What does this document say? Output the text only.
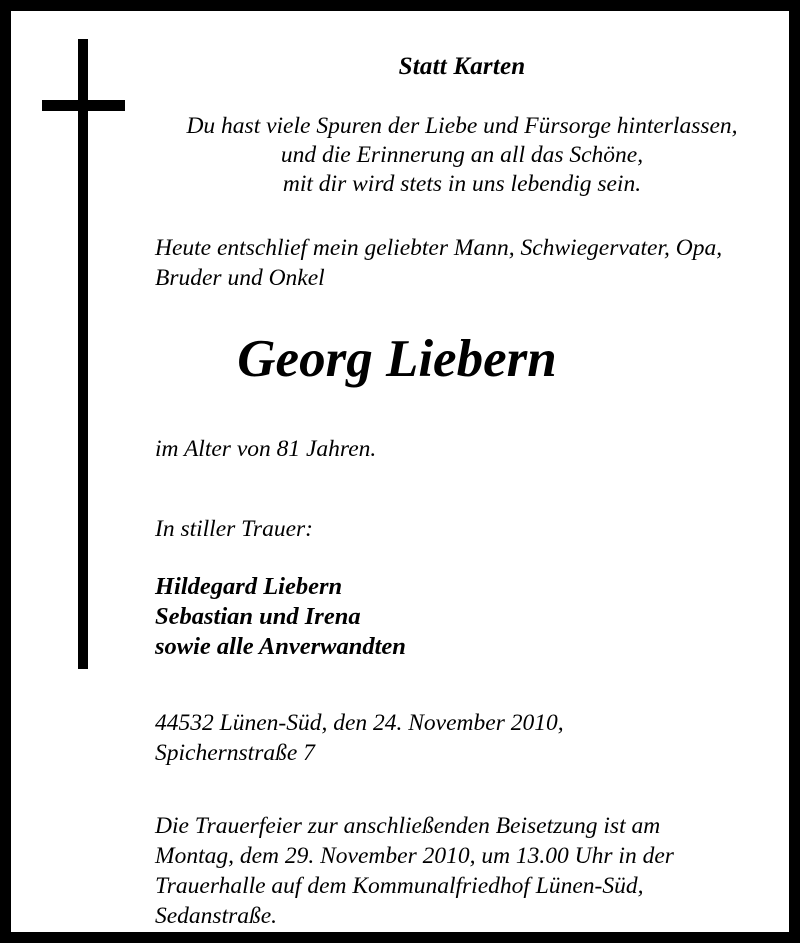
Statt Karten
Du hast viele Spuren der Liebe und Fürsorge hinterlassen,
und die Erinnerung an all das Schöne,
mit dir wird stets in uns lebendig sein.
Heute entschlief mein geliebter Mann, Schwiegervater, Opa,
Bruder und Onkel
Georg Liebern
im Alter von 81 Jahren.
In stiller Trauer:
Hildegard Liebern
Sebastian und Irena
sowie alle Anverwandten
44532 Lünen-Süd, den 24. November 2010,
Spichernstraße 7
Die Trauerfeier zur anschließenden Beisetzung ist am
Montag, dem 29. November 2010, um 13.00 Uhr in der
Trauerhalle auf dem Kommunalfriedhof Lünen-Süd,
Sedanstraße.
